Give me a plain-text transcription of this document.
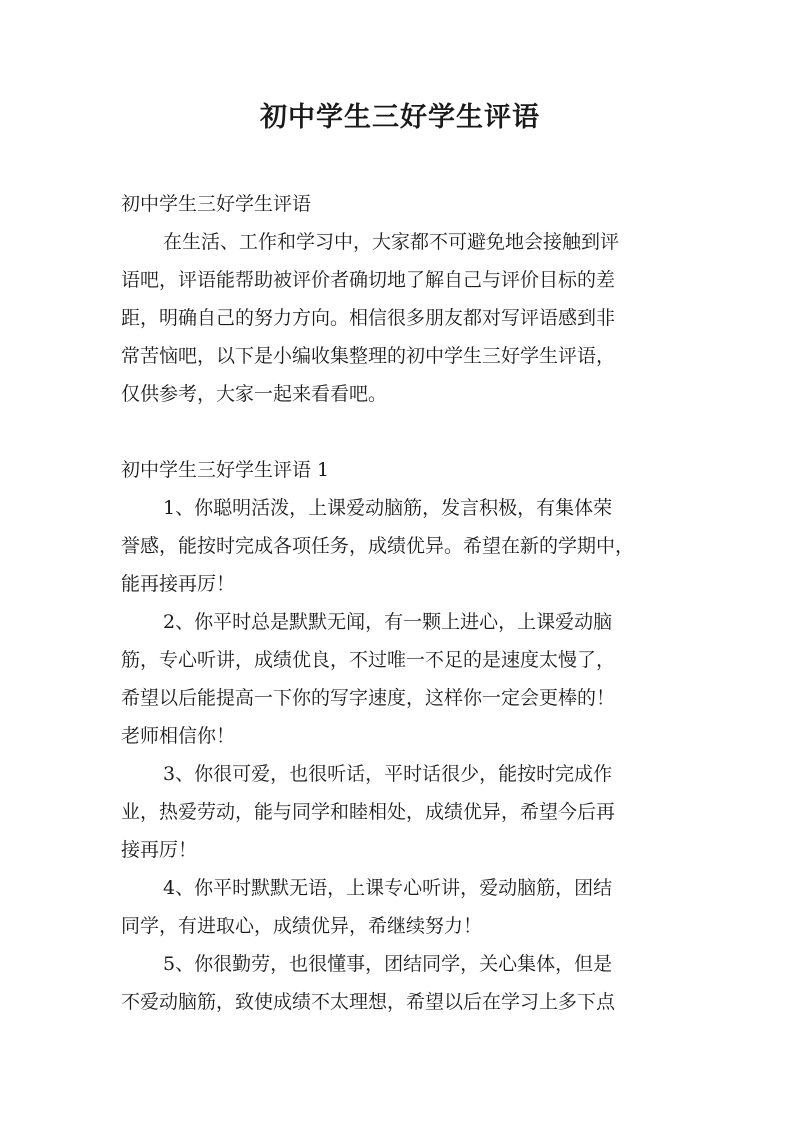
初中学生三好学生评语
初中学生三好学生评语
在生活、工作和学习中，大家都不可避免地会接触到评
语吧，评语能帮助被评价者确切地了解自己与评价目标的差
距，明确自己的努力方向。相信很多朋友都对写评语感到非
常苦恼吧，以下是小编收集整理的初中学生三好学生评语，
仅供参考，大家一起来看看吧。
初中学生三好学生评语 1
1、你聪明活泼，上课爱动脑筋，发言积极，有集体荣
誉感，能按时完成各项任务，成绩优异。希望在新的学期中，
能再接再厉！
2、你平时总是默默无闻，有一颗上进心，上课爱动脑
筋，专心听讲，成绩优良，不过唯一不足的是速度太慢了，
希望以后能提高一下你的写字速度，这样你一定会更棒的！
老师相信你！
3、你很可爱，也很听话，平时话很少，能按时完成作
业，热爱劳动，能与同学和睦相处，成绩优异，希望今后再
接再厉！
4、你平时默默无语，上课专心听讲，爱动脑筋，团结
同学，有进取心，成绩优异，希继续努力！
5、你很勤劳，也很懂事，团结同学，关心集体，但是
不爱动脑筋，致使成绩不太理想，希望以后在学习上多下点
